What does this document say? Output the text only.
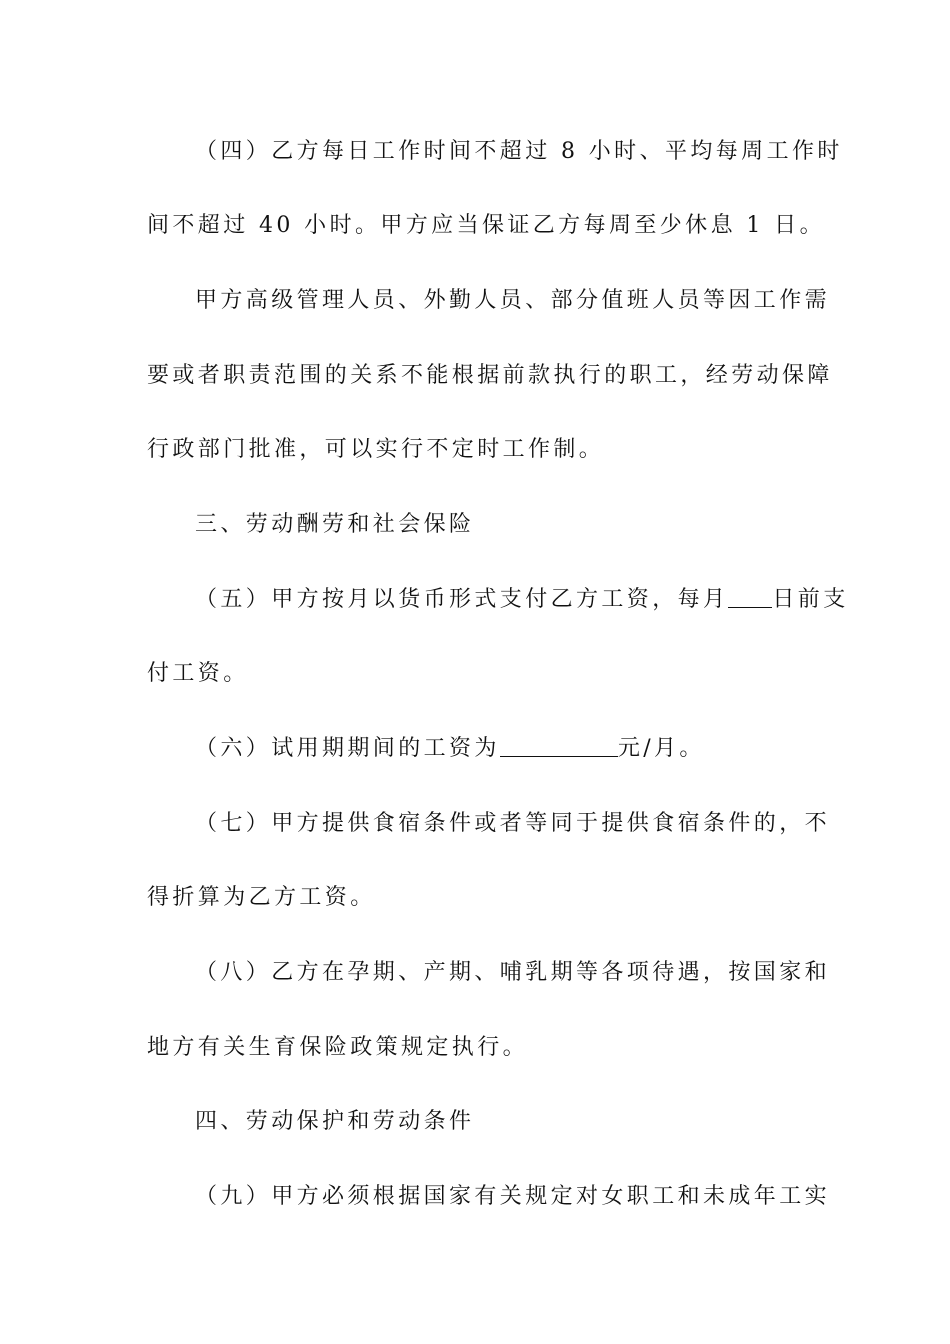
（四）乙方每日工作时间不超过 8 小时、平均每周工作时
间不超过 40 小时。甲方应当保证乙方每周至少休息 1 日。
甲方高级管理人员、外勤人员、部分值班人员等因工作需
要或者职责范围的关系不能根据前款执行的职工，经劳动保障
行政部门批准，可以实行不定时工作制。
三、劳动酬劳和社会保险
（五）甲方按月以货币形式支付乙方工资，每月 日前支
付工资。
（六）试用期期间的工资为	元/月。
（七）甲方提供食宿条件或者等同于提供食宿条件的，不
得折算为乙方工资。
（八）乙方在孕期、产期、哺乳期等各项待遇，按国家和
地方有关生育保险政策规定执行。
四、劳动保护和劳动条件
（九）甲方必须根据国家有关规定对女职工和未成年工实
